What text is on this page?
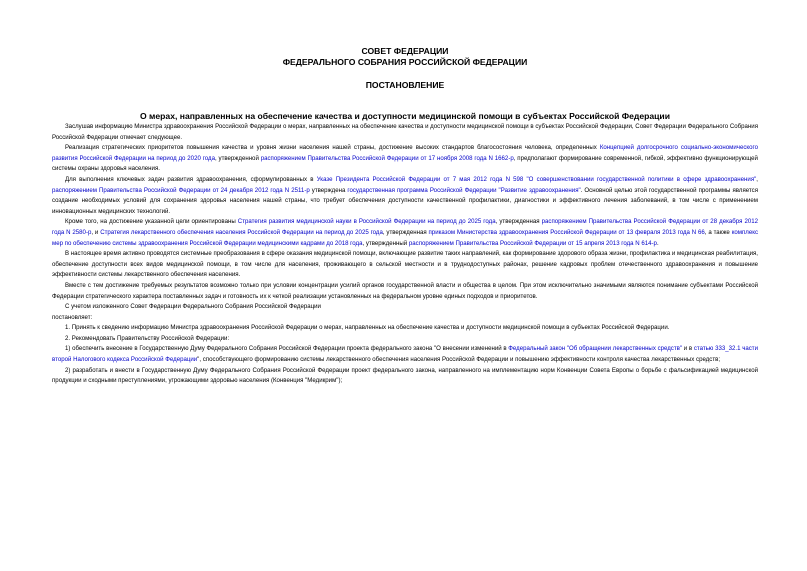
СОВЕТ ФЕДЕРАЦИИ
ФЕДЕРАЛЬНОГО СОБРАНИЯ РОССИЙСКОЙ ФЕДЕРАЦИИ
ПОСТАНОВЛЕНИЕ
О мерах, направленных на обеспечение качества и доступности медицинской помощи в субъектах Российской Федерации

Заслушав информацию Министра здравоохранения Российской Федерации о мерах, направленных на обеспечение качества и доступности медицинской помощи в субъектах Российской Федерации, Совет Федерации Федерального Собрания Российской Федерации отмечает следующее.

Реализация стратегических приоритетов повышения качества и уровня жизни населения нашей страны, достижение высоких стандартов благосостояния человека, определенных Концепцией долгосрочного социально-экономического развития Российской Федерации на период до 2020 года, утвержденной распоряжением Правительства Российской Федерации от 17 ноября 2008 года N 1662-р, предполагают формирование современной, гибкой, эффективно функционирующей системы охраны здоровья населения.

Для выполнения ключевых задач развития здравоохранения, сформулированных в Указе Президента Российской Федерации от 7 мая 2012 года N 598 "О совершенствовании государственной политики в сфере здравоохранения", распоряжением Правительства Российской Федерации от 24 декабря 2012 года N 2511-р утверждена государственная программа Российской Федерации "Развитие здравоохранения". Основной целью этой государственной программы является создание необходимых условий для сохранения здоровья населения нашей страны, что требует обеспечения доступности качественной профилактики, диагностики и эффективного лечения заболеваний, в том числе с применением инновационных медицинских технологий.

Кроме того, на достижение указанной цели ориентированы Стратегия развития медицинской науки в Российской Федерации на период до 2025 года, утвержденная распоряжением Правительства Российской Федерации от 28 декабря 2012 года N 2580-р, и Стратегия лекарственного обеспечения населения Российской Федерации на период до 2025 года, утвержденная приказом Министерства здравоохранения Российской Федерации от 13 февраля 2013 года N 66, а также комплекс мер по обеспечению системы здравоохранения Российской Федерации медицинскими кадрами до 2018 года, утвержденный распоряжением Правительства Российской Федерации от 15 апреля 2013 года N 614-р.

В настоящее время активно проводятся системные преобразования в сфере оказания медицинской помощи, включающие развитие таких направлений, как формирование здорового образа жизни, профилактика и медицинская реабилитация, обеспечение доступности всех видов медицинской помощи, в том числе для населения, проживающего в сельской местности и в труднодоступных районах, решение кадровых проблем отечественного здравоохранения и повышение эффективности системы лекарственного обеспечения населения.

Вместе с тем достижение требуемых результатов возможно только при условии концентрации усилий органов государственной власти и общества в целом. При этом исключительно значимыми являются понимание субъектами Российской Федерации стратегического характера поставленных задач и готовность их к четкой реализации установленных на федеральном уровне единых подходов и приоритетов.

С учетом изложенного Совет Федерации Федерального Собрания Российской Федерации

постановляет:

1. Принять к сведению информацию Министра здравоохранения Российской Федерации о мерах, направленных на обеспечение качества и доступности медицинской помощи в субъектах Российской Федерации.

2. Рекомендовать Правительству Российской Федерации:

1) обеспечить внесение в Государственную Думу Федерального Собрания Российской Федерации проекта федерального закона "О внесении изменений в Федеральный закон "Об обращении лекарственных средств" и в статью 333_32.1 части второй Налогового кодекса Российской Федерации", способствующего формированию системы лекарственного обеспечения населения Российской Федерации и повышению эффективности контроля качества лекарственных средств;

2) разработать и внести в Государственную Думу Федерального Собрания Российской Федерации проект федерального закона, направленного на имплементацию норм Конвенции Совета Европы о борьбе с фальсификацией медицинской продукции и сходными преступлениями, угрожающими здоровью населения (Конвенция "Медикрим");
